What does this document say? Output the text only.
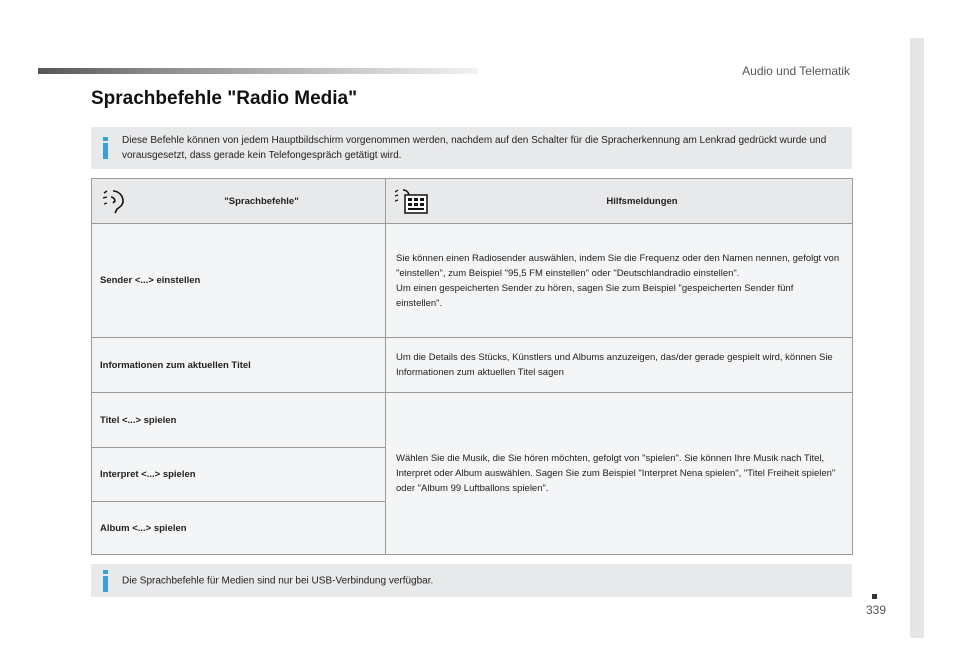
Audio und Telematik
339
Sprachbefehle "Radio Media"
Diese Befehle können von jedem Hauptbildschirm vorgenommen werden, nachdem auf den Schalter für die Spracherkennung am Lenkrad gedrückt wurde und vorausgesetzt, dass gerade kein Telefongespräch getätigt wird.
"Sprachbefehle"	Hilfsmeldungen

Sender <...> einstellen	Sie können einen Radiosender auswählen, indem Sie die Frequenz oder den Namen nennen, gefolgt von "einstellen", zum Beispiel "95,5 FM einstellen" oder "Deutschlandradio einstellen".
Um einen gespeicherten Sender zu hören, sagen Sie zum Beispiel "gespeicherten Sender fünf einstellen".

Informationen zum aktuellen Titel	Um die Details des Stücks, Künstlers und Albums anzuzeigen, das/der gerade gespielt wird, können Sie Informationen zum aktuellen Titel sagen
Titel <...> spielen	Wählen Sie die Musik, die Sie hören möchten, gefolgt von "spielen". Sie können Ihre Musik nach Titel, Interpret oder Album auswählen. Sagen Sie zum Beispiel "Interpret Nena spielen", "Titel Freiheit spielen" oder "Album 99 Luftballons spielen".
Interpret <...> spielen	
Album <...> spielen	
Die Sprachbefehle für Medien sind nur bei USB-Verbindung verfügbar.
